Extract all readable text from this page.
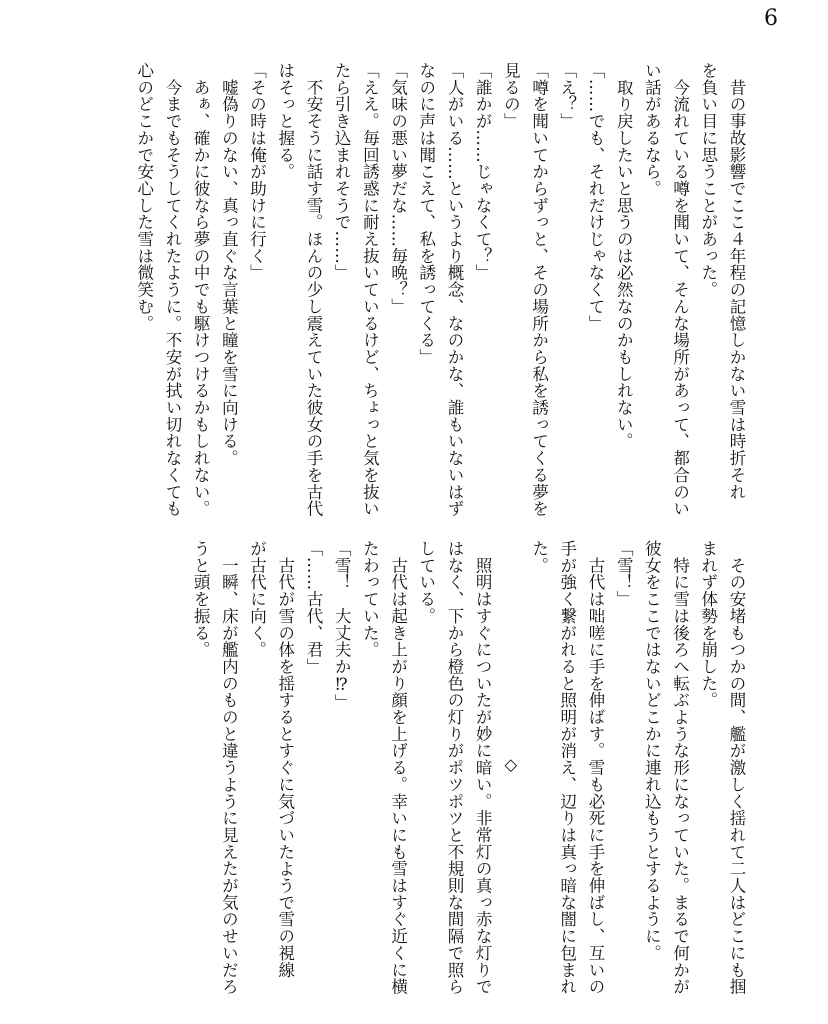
6
　昔の事故影響でここ４年程の記憶しかない雪は時折それ
を負い目に思うことがあった。
　今流れている噂を聞いて、そんな場所があって、都合のい
い話があるなら。
　取り戻したいと思うのは必然なのかもしれない。
「……でも、それだけじゃなくて」
「え？」
「噂を聞いてからずっと、その場所から私を誘ってくる夢を
見るの」
「誰かが……じゃなくて？」
「人がいる……というより概念、なのかな、誰もいないはず
なのに声は聞こえて、私を誘ってくる」
「気味の悪い夢だな……毎晩？」
「ええ。毎回誘惑に耐え抜いているけど、ちょっと気を抜い
たら引き込まれそうで……」
　不安そうに話す雪。ほんの少し震えていた彼女の手を古代
はそっと握る。
「その時は俺が助けに行く」
　嘘偽りのない、真っ直ぐな言葉と瞳を雪に向ける。
　あぁ、確かに彼なら夢の中でも駆けつけるかもしれない。
　今までもそうしてくれたように。不安が拭い切れなくても
心のどこかで安心した雪は微笑む。
　その安堵もつかの間、艦が激しく揺れて二人はどこにも掴
まれず体勢を崩した。
　特に雪は後ろへ転ぶような形になっていた。まるで何かが
彼女をここではないどこかに連れ込もうとするように。
「雪！」
　古代は咄嗟に手を伸ばす。雪も必死に手を伸ばし、互いの
手が強く繋がれると照明が消え、辺りは真っ暗な闇に包まれ
た。
◇
　照明はすぐについたが妙に暗い。非常灯の真っ赤な灯りで
はなく、下から橙色の灯りがポツポツと不規則な間隔で照ら
している。
　古代は起き上がり顔を上げる。幸いにも雪はすぐ近くに横
たわっていた。
「雪！　大丈夫か⁉」
「……古代、君」
　古代が雪の体を揺するとすぐに気づいたようで雪の視線
が古代に向く。
　一瞬、床が艦内のものと違うように見えたが気のせいだろ
うと頭を振る。
